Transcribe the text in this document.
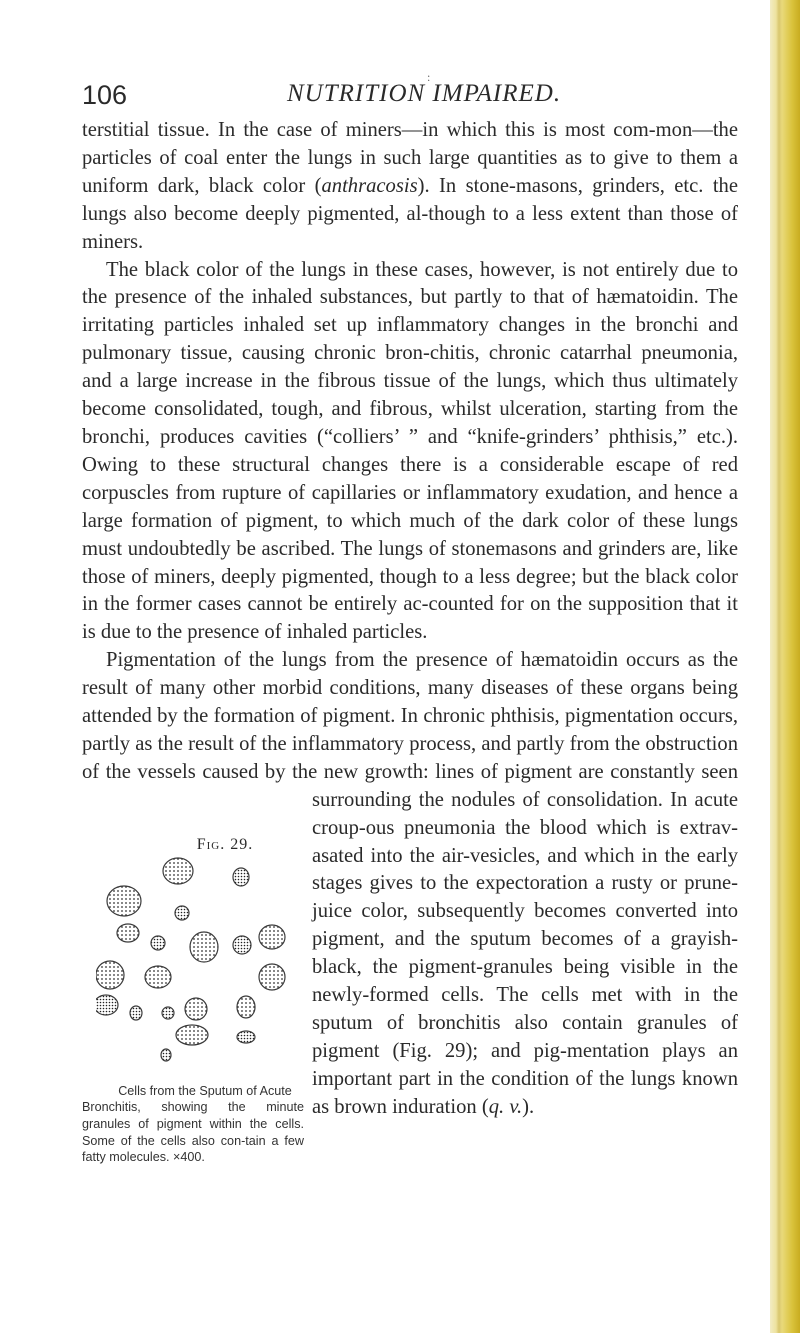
106	NUTRITION IMPAIRED.
:

terstitial tissue. In the case of miners—in which this is most com-mon—the particles of coal enter the lungs in such large quantities as to give to them a uniform dark, black color (anthracosis). In stone-masons, grinders, etc. the lungs also become deeply pigmented, al-though to a less extent than those of miners.

The black color of the lungs in these cases, however, is not entirely due to the presence of the inhaled substances, but partly to that of hæmatoidin. The irritating particles inhaled set up inflammatory changes in the bronchi and pulmonary tissue, causing chronic bron-chitis, chronic catarrhal pneumonia, and a large increase in the fibrous tissue of the lungs, which thus ultimately become consolidated, tough, and fibrous, whilst ulceration, starting from the bronchi, produces cavities (“colliers’ ” and “knife-grinders’ phthisis,” etc.). Owing to these structural changes there is a considerable escape of red corpuscles from rupture of capillaries or inflammatory exudation, and hence a large formation of pigment, to which much of the dark color of these lungs must undoubtedly be ascribed. The lungs of stonemasons and grinders are, like those of miners, deeply pigmented, though to a less degree; but the black color in the former cases cannot be entirely ac-counted for on the supposition that it is due to the presence of inhaled particles.

Pigmentation of the lungs from the presence of hæmatoidin occurs as the result of many other morbid conditions, many diseases of these organs being attended by the formation of pigment. In chronic phthisis, pigmentation occurs, partly as the result of the inflammatory process, and partly from the obstruction of the vessels caused by the new growth: lines of pigment are constantly seen surrounding the
Fig. 29.
Cells from the Sputum of Acute
Bronchitis, showing the minute granules of pigment within the cells. Some of the cells also con-tain a few fatty molecules. ×400.
nodules of consolidation. In acute croup-ous pneumonia the blood which is extrav-asated into the air-vesicles, and which in the early stages gives to the expectoration a rusty or prune-juice color, subsequently becomes converted into pigment, and the sputum becomes of a grayish-black, the pigment-granules being visible in the newly-formed cells. The cells met with in the sputum of bronchitis also contain granules of pigment (Fig. 29); and pig-mentation plays an important part in the condition of the lungs known as brown induration (q. v.).
